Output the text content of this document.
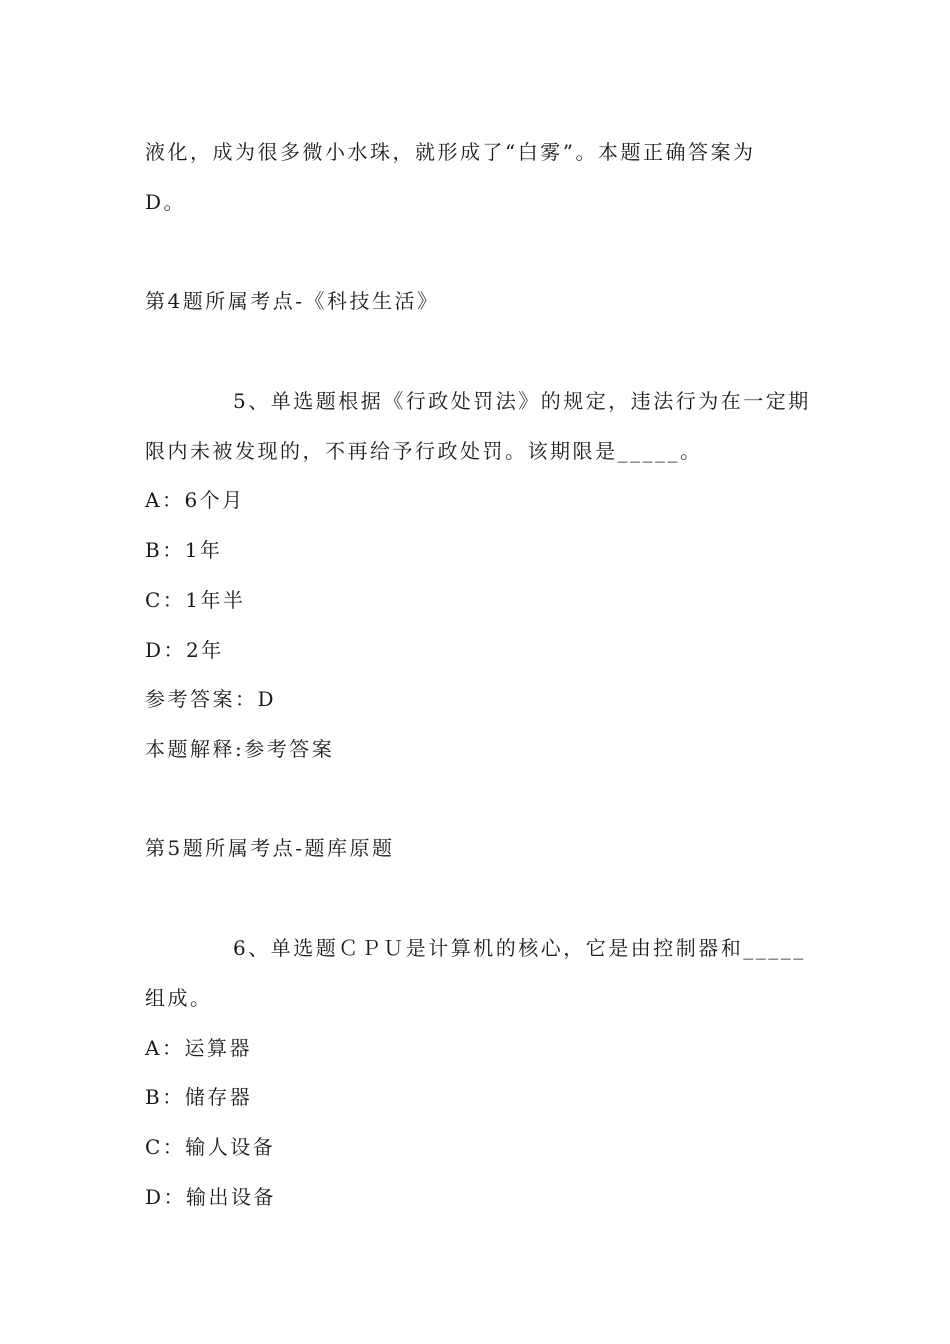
液化，成为很多微小水珠，就形成了“白雾”。本题正确答案为
D。
第4题所属考点-《科技生活》
5、单选题根据《行政处罚法》的规定，违法行为在一定期
限内未被发现的，不再给予行政处罚。该期限是_____。
A：6个月
B：1年
C：1年半
D：2年
参考答案：D
本题解释:参考答案
第5题所属考点-题库原题
6、单选题ＣＰＵ是计算机的核心，它是由控制器和_____
组成。
A：运算器
B：储存器
C：输人设备
D：输出设备
